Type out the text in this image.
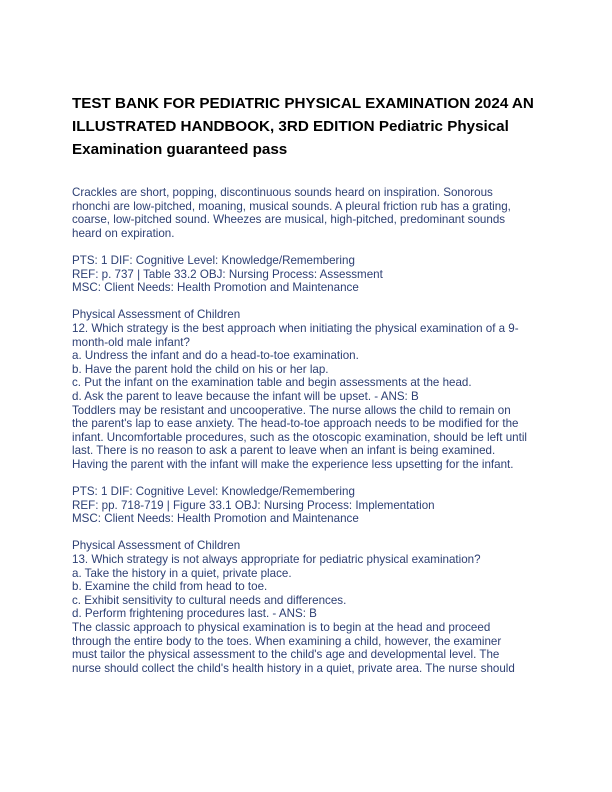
TEST BANK FOR PEDIATRIC PHYSICAL EXAMINATION 2024 AN
ILLUSTRATED HANDBOOK, 3RD EDITION Pediatric Physical
Examination guaranteed pass
Crackles are short, popping, discontinuous sounds heard on inspiration. Sonorous
rhonchi are low-pitched, moaning, musical sounds. A pleural friction rub has a grating,
coarse, low-pitched sound. Wheezes are musical, high-pitched, predominant sounds
heard on expiration.
PTS: 1 DIF: Cognitive Level: Knowledge/Remembering
REF: p. 737 | Table 33.2 OBJ: Nursing Process: Assessment
MSC: Client Needs: Health Promotion and Maintenance
Physical Assessment of Children
12. Which strategy is the best approach when initiating the physical examination of a 9-
month-old male infant?
a. Undress the infant and do a head-to-toe examination.
b. Have the parent hold the child on his or her lap.
c. Put the infant on the examination table and begin assessments at the head.
d. Ask the parent to leave because the infant will be upset. - ANS: B
Toddlers may be resistant and uncooperative. The nurse allows the child to remain on
the parent's lap to ease anxiety. The head-to-toe approach needs to be modified for the
infant. Uncomfortable procedures, such as the otoscopic examination, should be left until
last. There is no reason to ask a parent to leave when an infant is being examined.
Having the parent with the infant will make the experience less upsetting for the infant.
PTS: 1 DIF: Cognitive Level: Knowledge/Remembering
REF: pp. 718-719 | Figure 33.1 OBJ: Nursing Process: Implementation
MSC: Client Needs: Health Promotion and Maintenance
Physical Assessment of Children
13. Which strategy is not always appropriate for pediatric physical examination?
a. Take the history in a quiet, private place.
b. Examine the child from head to toe.
c. Exhibit sensitivity to cultural needs and differences.
d. Perform frightening procedures last. - ANS: B
The classic approach to physical examination is to begin at the head and proceed
through the entire body to the toes. When examining a child, however, the examiner
must tailor the physical assessment to the child's age and developmental level. The
nurse should collect the child's health history in a quiet, private area. The nurse should
